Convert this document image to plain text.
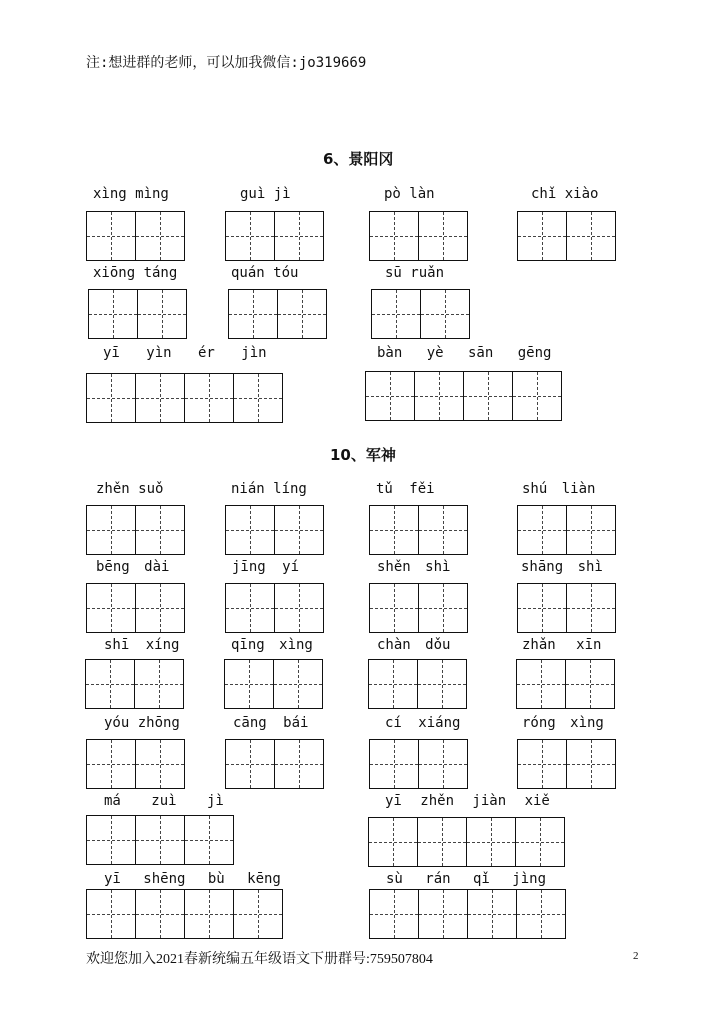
注:想进群的老师，可以加我微信:jo319669
6、景阳冈
xìng mìng	guì jì	pò làn	chǐ xiào
xiōng táng	quán tóu	sū ruǎn
yī yìn ér jìn	bàn yè sān gēng
10、军神
zhěn suǒ	nián líng	tǔ fěi	shú liàn
bēng dài	jīng yí	shěn shì	shāng shì
shī xíng	qīng xìng	chàn dǒu	zhǎn xīn
yóu zhōng	cāng bái	cí xiáng	róng xìng
má zuì jì	yī zhěn jiàn xiě
yī shēng bù kēng	sù rán qǐ jìng
欢迎您加入2021春新统编五年级语文下册群号:759507804	2
